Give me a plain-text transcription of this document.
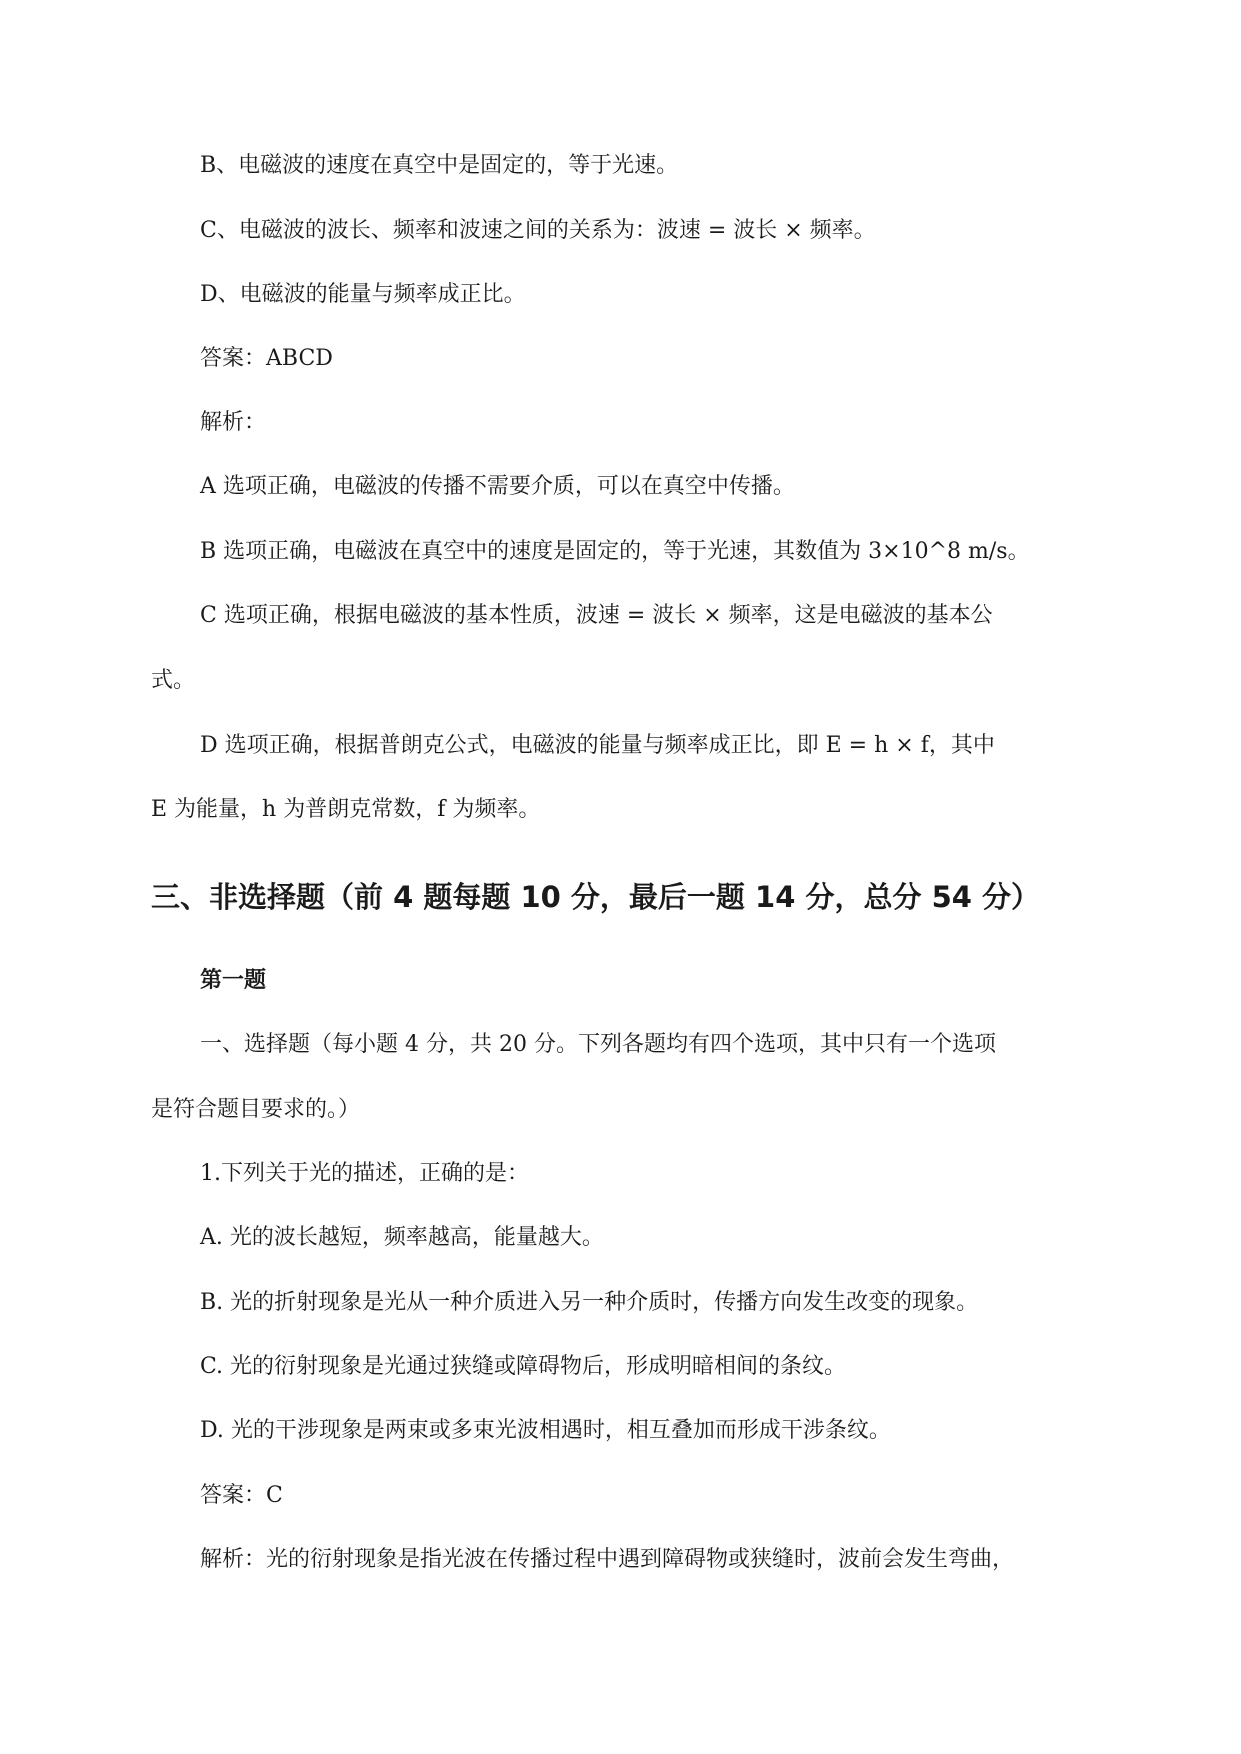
B、电磁波的速度在真空中是固定的，等于光速。
C、电磁波的波长、频率和波速之间的关系为：波速 = 波长 × 频率。
D、电磁波的能量与频率成正比。
答案：ABCD
解析：
A 选项正确，电磁波的传播不需要介质，可以在真空中传播。
B 选项正确，电磁波在真空中的速度是固定的，等于光速，其数值为 3×10^8 m/s。
C 选项正确，根据电磁波的基本性质，波速 = 波长 × 频率，这是电磁波的基本公
式。
D 选项正确，根据普朗克公式，电磁波的能量与频率成正比，即 E = h × f，其中
E 为能量，h 为普朗克常数，f 为频率。
三、非选择题（前 4 题每题 10 分，最后一题 14 分，总分 54 分）
第一题
一、选择题（每小题 4 分，共 20 分。下列各题均有四个选项，其中只有一个选项
是符合题目要求的。）
1.下列关于光的描述，正确的是：
A. 光的波长越短，频率越高，能量越大。
B. 光的折射现象是光从一种介质进入另一种介质时，传播方向发生改变的现象。
C. 光的衍射现象是光通过狭缝或障碍物后，形成明暗相间的条纹。
D. 光的干涉现象是两束或多束光波相遇时，相互叠加而形成干涉条纹。
答案：C
解析：光的衍射现象是指光波在传播过程中遇到障碍物或狭缝时，波前会发生弯曲，
